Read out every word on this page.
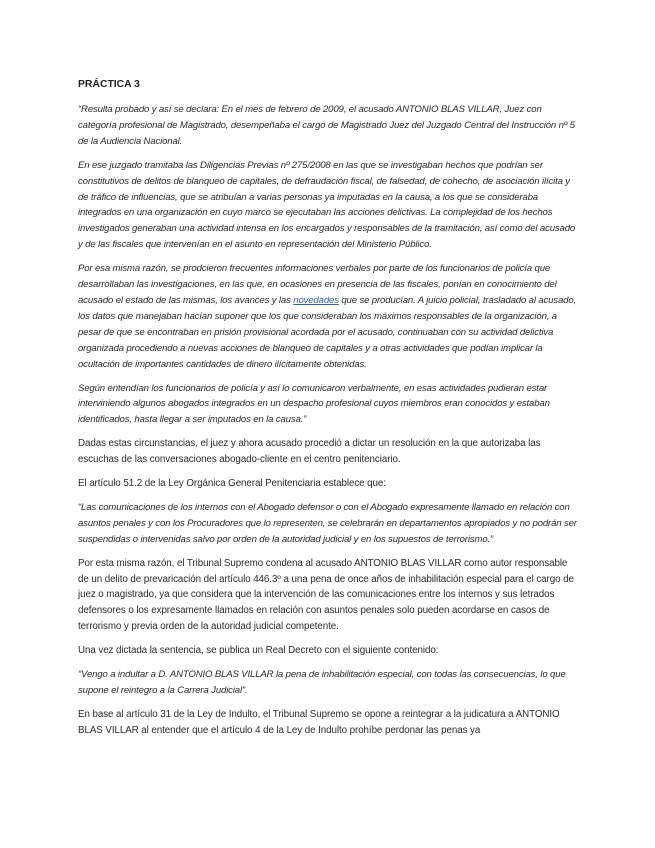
PRÁCTICA 3

“Resulta probado y así se declara: En el mes de febrero de 2009, el acusado ANTONIO BLAS VILLAR, Juez con categoría profesional de Magistrado, desempeñaba el cargo de Magistrado Juez del Juzgado Central del Instrucción nº 5 de la Audiencia Nacional.

En ese juzgado tramitaba las Diligencias Previas nº 275/2008 en las que se investigaban hechos que podrían ser constitutivos de delitos de blanqueo de capitales, de defraudación fiscal, de falsedad, de cohecho, de asociación ilícita y de tráfico de influencias, que se atribuían a varias personas ya imputadas en la causa, a los que se consideraba integrados en una organización en cuyo marco se ejecutaban las acciones delictivas. La complejidad de los hechos investigados generaban una actividad intensa en los encargados y responsables de la tramitación, así como del acusado y de las fiscales que intervenían en el asunto en representación del Ministerio Público.

Por esa misma razón, se prodcieron frecuentes informaciones verbales por parte de los funcionarios de policía que desarrollaban las investigaciones, en las que, en ocasiones en presencia de las fiscales, ponían en conocimiento del acusado el estado de las mismas, los avances y las novedades que se producían. A juicio policial, trasladado al acusado, los datos que manejaban hacían suponer que los que consideraban los máximos responsables de la organización, a pesar de que se encontraban en prisión provisional acordada por el acusado, continuaban con su actividad delictiva organizada procediendo a nuevas acciones de blanqueo de capitales y a otras actividades que podían implicar la ocultación de importantes cantidades de dinero ilícitamente obtenidas.

Según entendían los funcionarios de policía y así lo comunicaron verbalmente, en esas actividades pudieran estar interviniendo algunos abogados integrados en un despacho profesional cuyos miembros eran conocidos y estaban identificados, hasta llegar a ser imputados en la causa.”

Dadas estas circunstancias, el juez y ahora acusado procedió a dictar un resolución en la que autorizaba las escuchas de las conversaciones abogado-cliente en el centro penitenciario.

El artículo 51.2 de la Ley Orgánica General Penitenciaria establece que:

“Las comunicaciones de los internos con el Abogado defensor o con el Abogado expresamente llamado en relación con asuntos penales y con los Procuradores que lo representen, se celebrarán en departamentos apropiados y no podrán ser suspendidas o intervenidas salvo por orden de la autoridad judicial y en los supuestos de terrorismo.”

Por esta misma razón, el Tribunal Supremo condena al acusado ANTONIO BLAS VILLAR como autor responsable de un delito de prevaricación del artículo 446.3º a una pena de once años de inhabilitación especial para el cargo de juez o magistrado, ya que considera que la intervención de las comunicaciones entre los internos y sus letrados defensores o los expresamente llamados en relación con asuntos penales solo pueden acordarse en casos de terrorismo y previa orden de la autoridad judicial competente.

Una vez dictada la sentencia, se publica un Real Decreto con el siguiente contenido:

“Vengo a indultar a D. ANTONIO BLAS VILLAR la pena de inhabilitación especial, con todas las consecuencias, lo que supone el reintegro a la Carrera Judicial”.

En base al artículo 31 de la Ley de Indulto, el Tribunal Supremo se opone a reintegrar a la judicatura a ANTONIO BLAS VILLAR al entender que el artículo 4 de la Ley de Indulto prohíbe perdonar las penas ya
